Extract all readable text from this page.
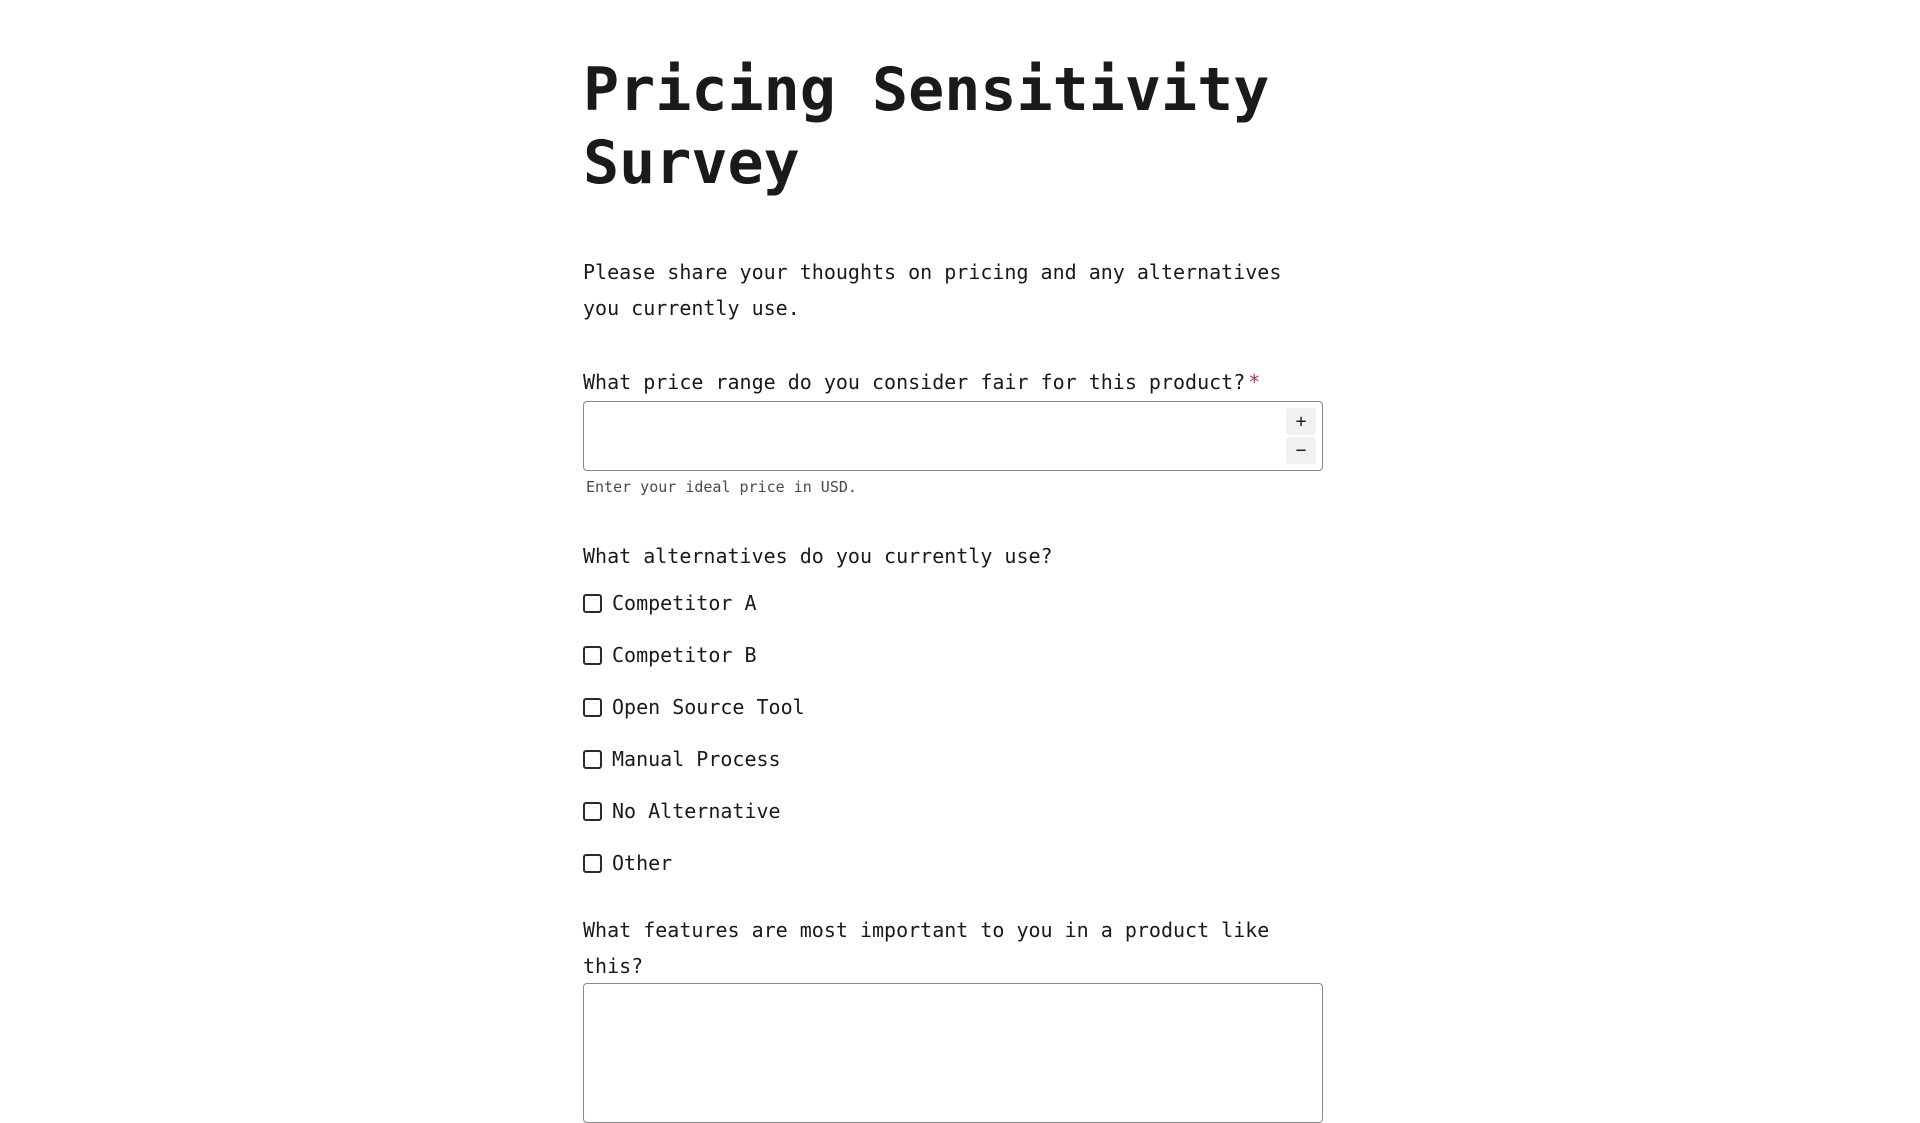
Pricing Sensitivity Survey

Please share your thoughts on pricing and any alternatives you currently use.

What price range do you consider fair for this product? *
+
−

Enter your ideal price in USD.

What alternatives do you currently use?
Competitor A
Competitor B
Open Source Tool
Manual Process
No Alternative
Other
What features are most important to you in a product like this?
